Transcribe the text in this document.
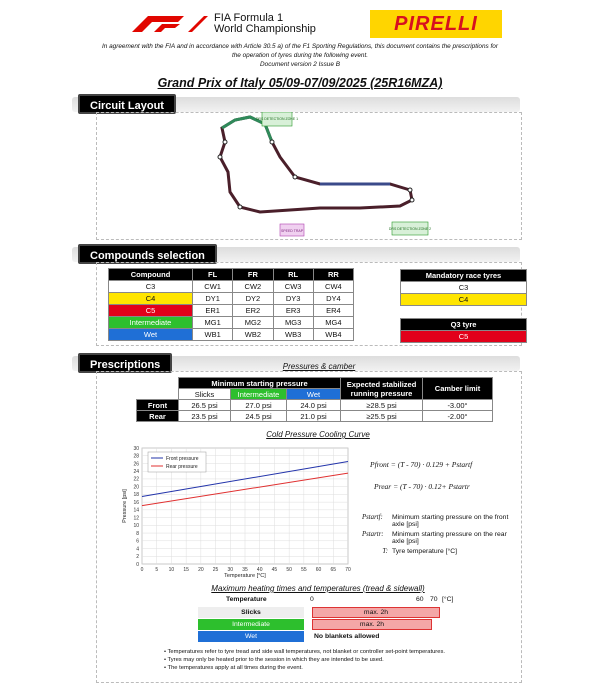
FIA Formula 1
World Championship	PIRELLI
In agreement with the FIA and in accordance with Article 30.5 a) of the F1 Sporting Regulations, this document contains the prescriptions for
the operation of tyres during the following event.
Document version 2 Issue B
Grand Prix of Italy 05/09-07/09/2025 (25R16MZA)
Circuit Layout
DRS DETECTION ZONE 1
DRS DETECTION ZONE 2
SPEED TRAP
Compounds selection
Compound	FL	FR	RL	RR
C3	CW1	CW2	CW3	CW4
C4	DY1	DY2	DY3	DY4
C5	ER1	ER2	ER3	ER4
Intermediate	MG1	MG2	MG3	MG4
Wet	WB1	WB2	WB3	WB4
Mandatory race tyres
C3
C4
Q3 tyre
C5
Prescriptions	Pressures & camber
	Minimum starting pressure			Expected stabilized running pressure	Camber limit
	Slicks	Intermediate	Wet		
Front	26.5 psi	27.0 psi	24.0 psi	≥28.5 psi	-3.00°
Rear	23.5 psi	24.5 psi	21.0 psi	≥25.5 psi	-2.00°
Cold Pressure Cooling Curve
0 5 10 15 20 25 30 35 40 45 50 55 60 65 70
0
2
4
6
8
10
12
14
16
18
20
22
24
26
28
30
Temperature [°C]
Pressure [psi]
Front pressure
Rear pressure	Pfront = (T - 70) · 0.129 + Pstartf
Prear = (T - 70) · 0.12+ Pstartr
Pstartf:	Minimum starting pressure on the front axle [psi]
Pstartr:	Minimum starting pressure on the rear axle [psi]
T: Tyre temperature [°C]
Maximum heating times and temperatures (tread & sidewall)
Temperature	0	60 70 [°C]
Slicks	max. 2h
Intermediate	max. 2h
Wet	No blankets allowed
• Temperatures refer to tyre tread and side wall temperatures, not blanket or controller set-point temperatures.
• Tyres may only be heated prior to the session in which they are intended to be used.
• The temperatures apply at all times during the event.
